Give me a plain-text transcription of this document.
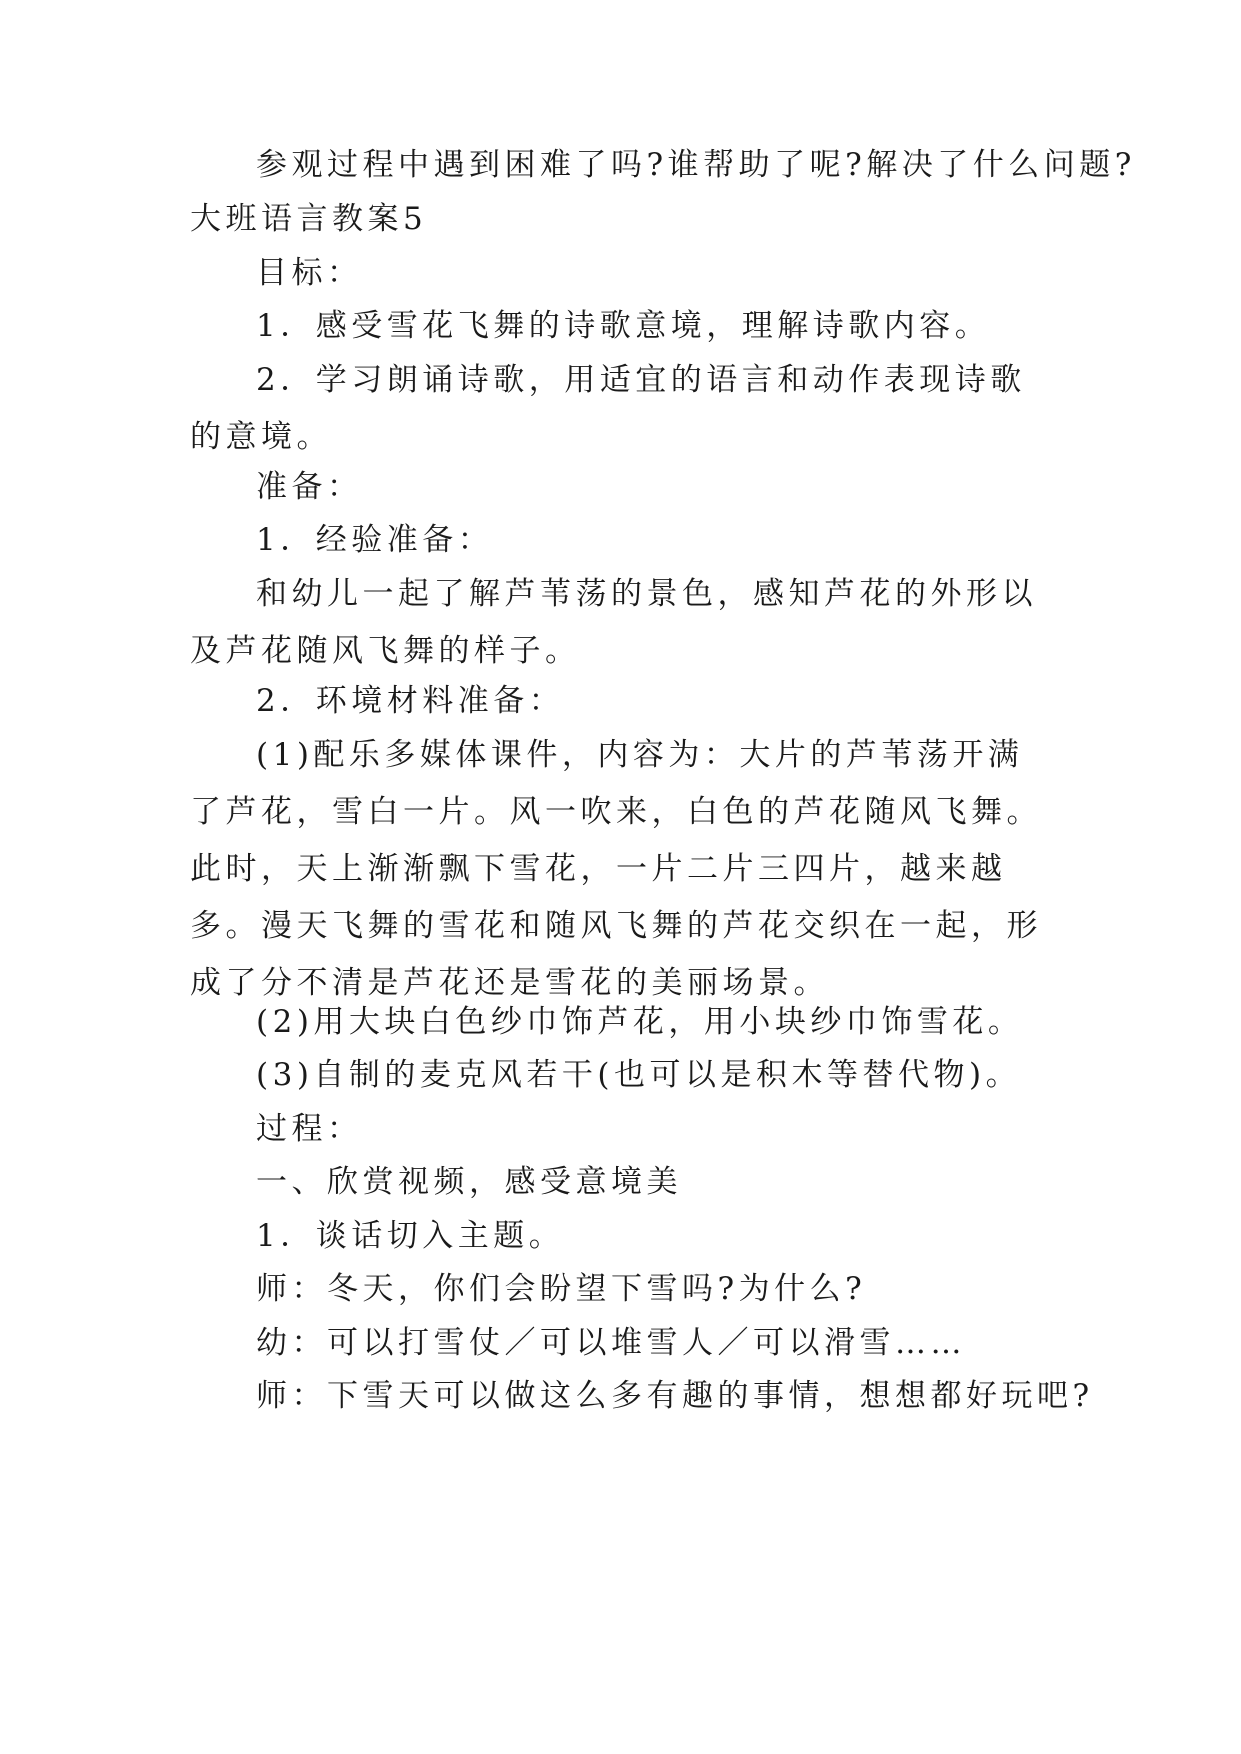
参观过程中遇到困难了吗?谁帮助了呢?解决了什么问题?

大班语言教案5

目标：

1．感受雪花飞舞的诗歌意境，理解诗歌内容。

2．学习朗诵诗歌，用适宜的语言和动作表现诗歌的意境。

准备：

1．经验准备：

和幼儿一起了解芦苇荡的景色，感知芦花的外形以及芦花随风飞舞的样子。

2．环境材料准备：

(1)配乐多媒体课件，内容为：大片的芦苇荡开满了芦花，雪白一片。风一吹来，白色的芦花随风飞舞。此时，天上渐渐飘下雪花，一片二片三四片，越来越多。漫天飞舞的雪花和随风飞舞的芦花交织在一起，形成了分不清是芦花还是雪花的美丽场景。

(2)用大块白色纱巾饰芦花，用小块纱巾饰雪花。

(3)自制的麦克风若干(也可以是积木等替代物)。

过程：

一、欣赏视频，感受意境美

1．谈话切入主题。

师：冬天，你们会盼望下雪吗?为什么?

幼：可以打雪仗／可以堆雪人／可以滑雪……

师：下雪天可以做这么多有趣的事情，想想都好玩吧?
